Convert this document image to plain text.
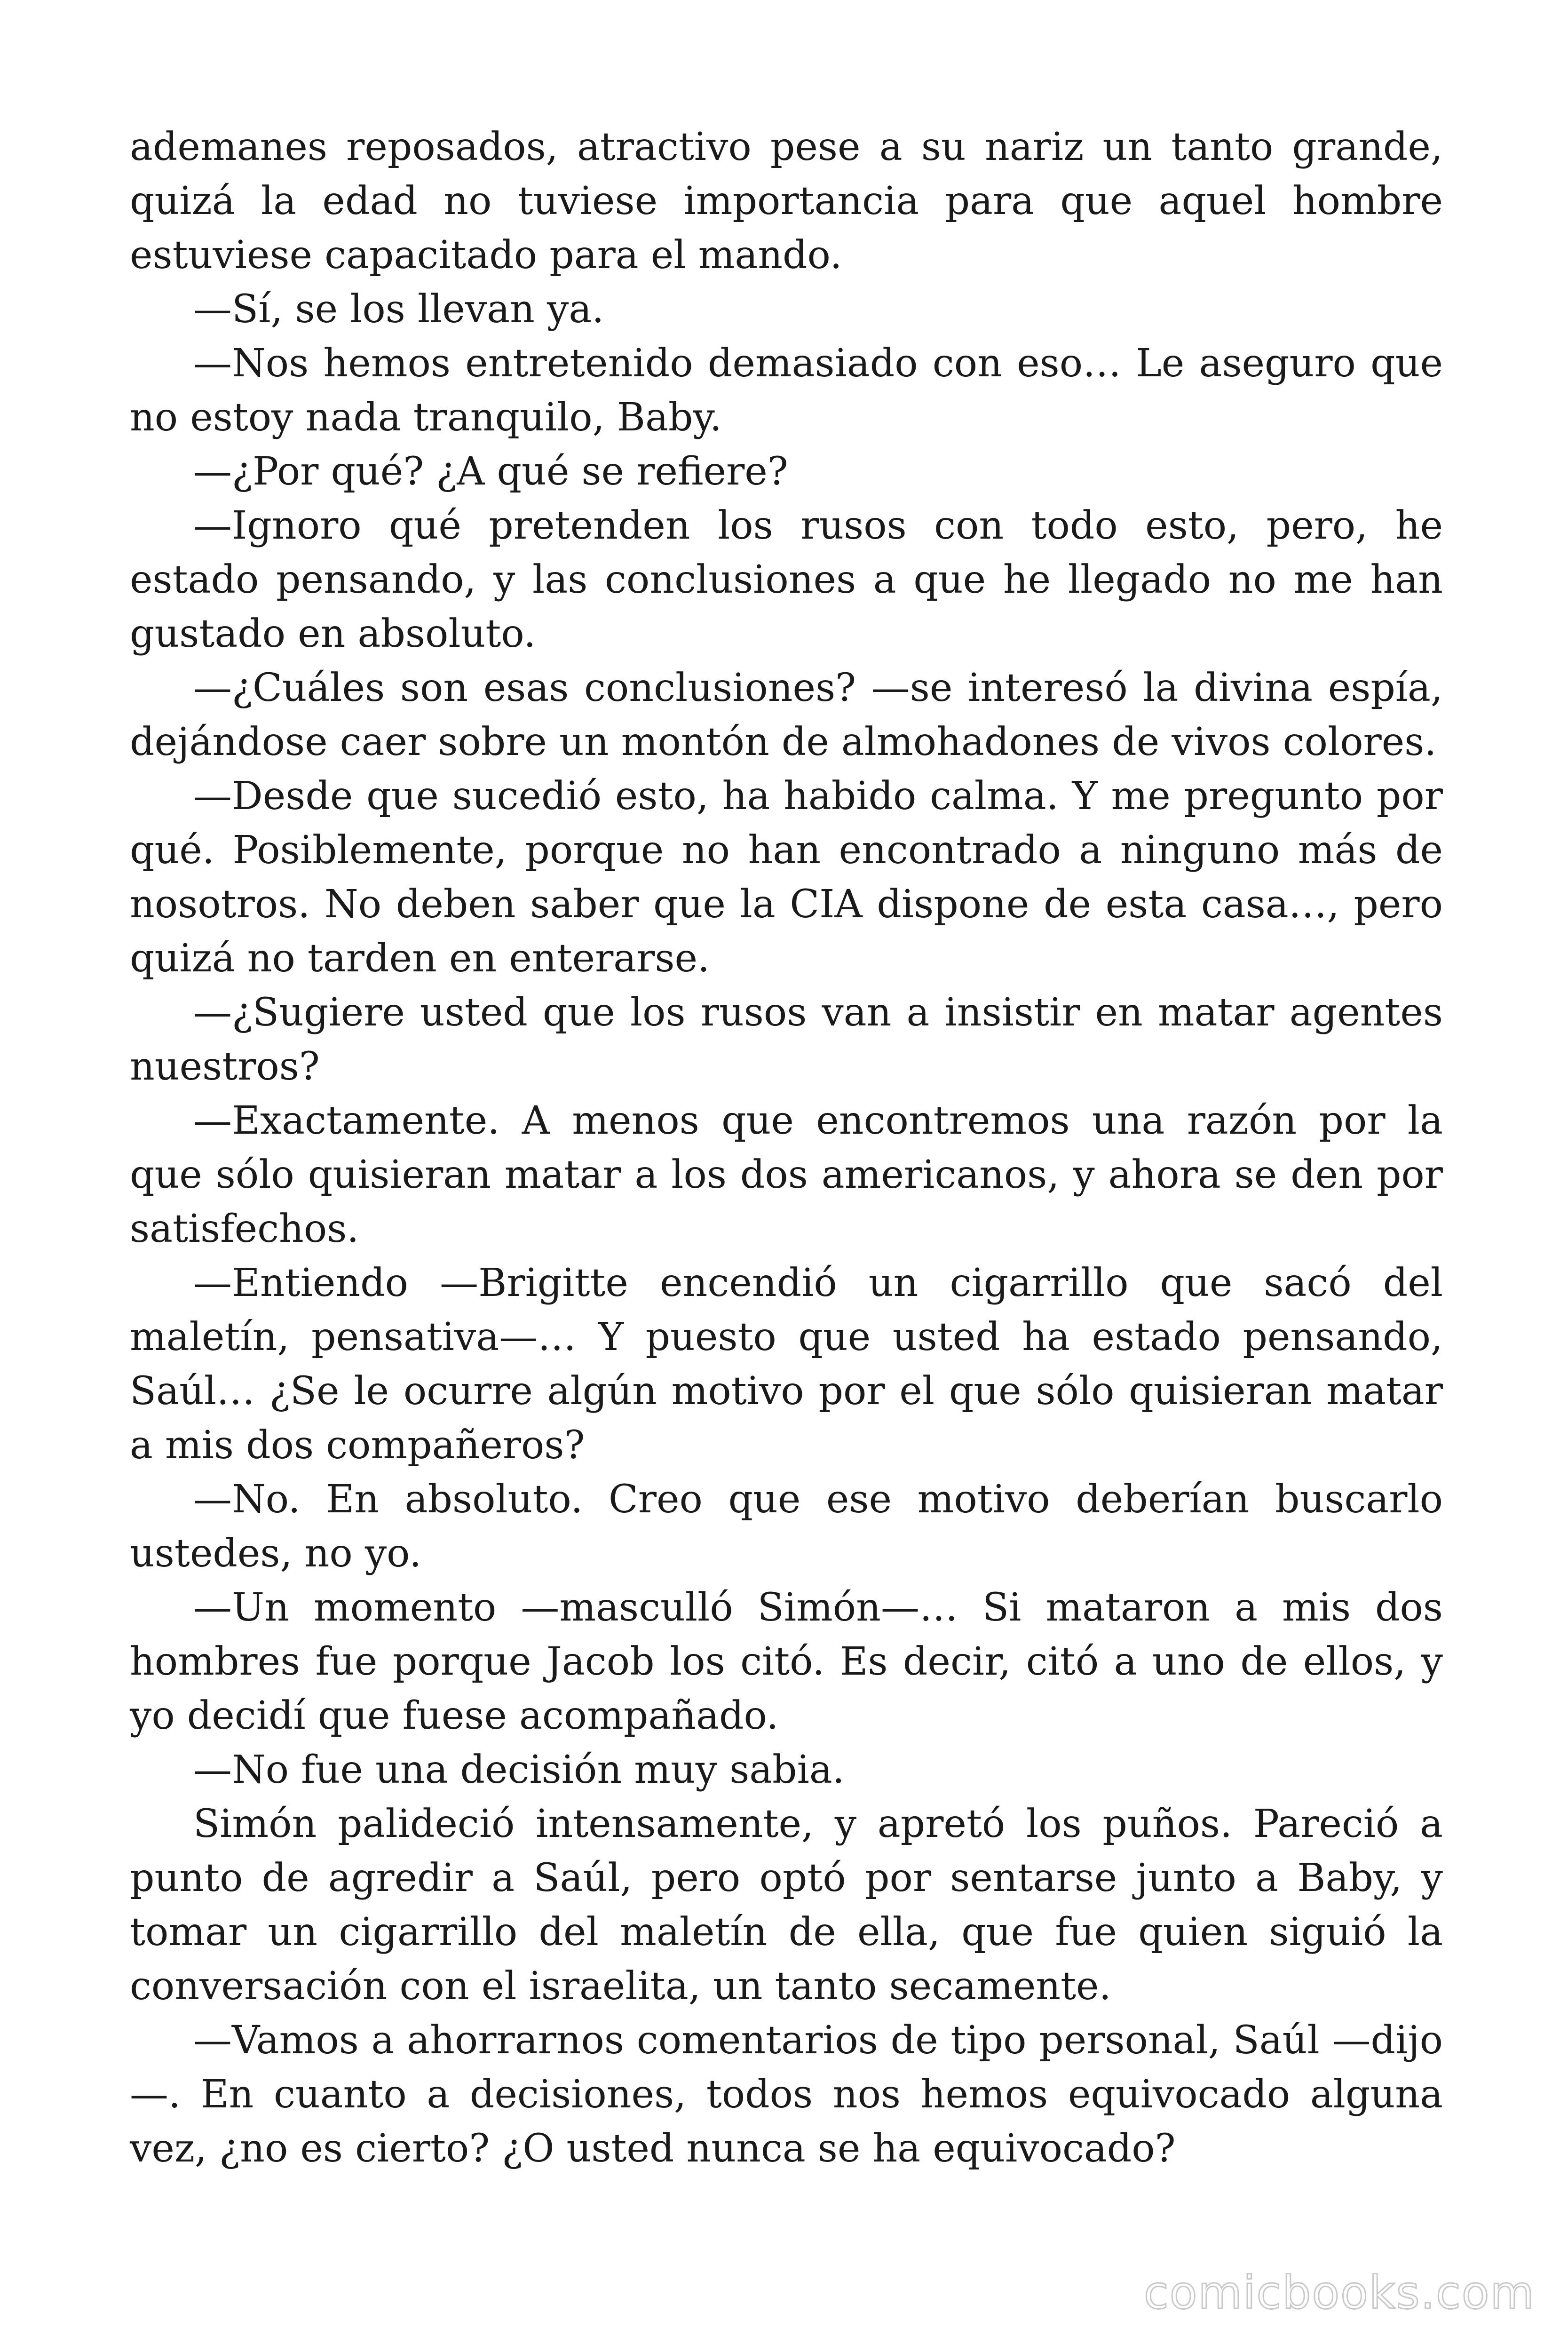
ademanes reposados, atractivo pese a su nariz un tanto grande, quizá la edad no tuviese importancia para que aquel hombre estuviese capacitado para el mando.

—Sí, se los llevan ya.

—Nos hemos entretenido demasiado con eso… Le aseguro que no estoy nada tranquilo, Baby.

—¿Por qué? ¿A qué se refiere?

—Ignoro qué pretenden los rusos con todo esto, pero, he estado pensando, y las conclusiones a que he llegado no me han gustado en absoluto.

—¿Cuáles son esas conclusiones? —se interesó la divina espía, dejándose caer sobre un montón de almohadones de vivos colores.

—Desde que sucedió esto, ha habido calma. Y me pregunto por qué. Posiblemente, porque no han encontrado a ninguno más de nosotros. No deben saber que la CIA dispone de esta casa…, pero quizá no tarden en enterarse.

—¿Sugiere usted que los rusos van a insistir en matar agentes nuestros?

—Exactamente. A menos que encontremos una razón por la que sólo quisieran matar a los dos americanos, y ahora se den por satisfechos.

—Entiendo —Brigitte encendió un cigarrillo que sacó del maletín, pensativa—… Y puesto que usted ha estado pensando, Saúl… ¿Se le ocurre algún motivo por el que sólo quisieran matar a mis dos compañeros?

—No. En absoluto. Creo que ese motivo deberían buscarlo ustedes, no yo.

—Un momento —masculló Simón—… Si mataron a mis dos hombres fue porque Jacob los citó. Es decir, citó a uno de ellos, y yo decidí que fuese acompañado.

—No fue una decisión muy sabia.

Simón palideció intensamente, y apretó los puños. Pareció a punto de agredir a Saúl, pero optó por sentarse junto a Baby, y tomar un cigarrillo del maletín de ella, que fue quien siguió la conversación con el israelita, un tanto secamente.

—Vamos a ahorrarnos comentarios de tipo personal, Saúl —dijo —. En cuanto a decisiones, todos nos hemos equivocado alguna vez, ¿no es cierto? ¿O usted nunca se ha equivocado?

comicbooks.com
